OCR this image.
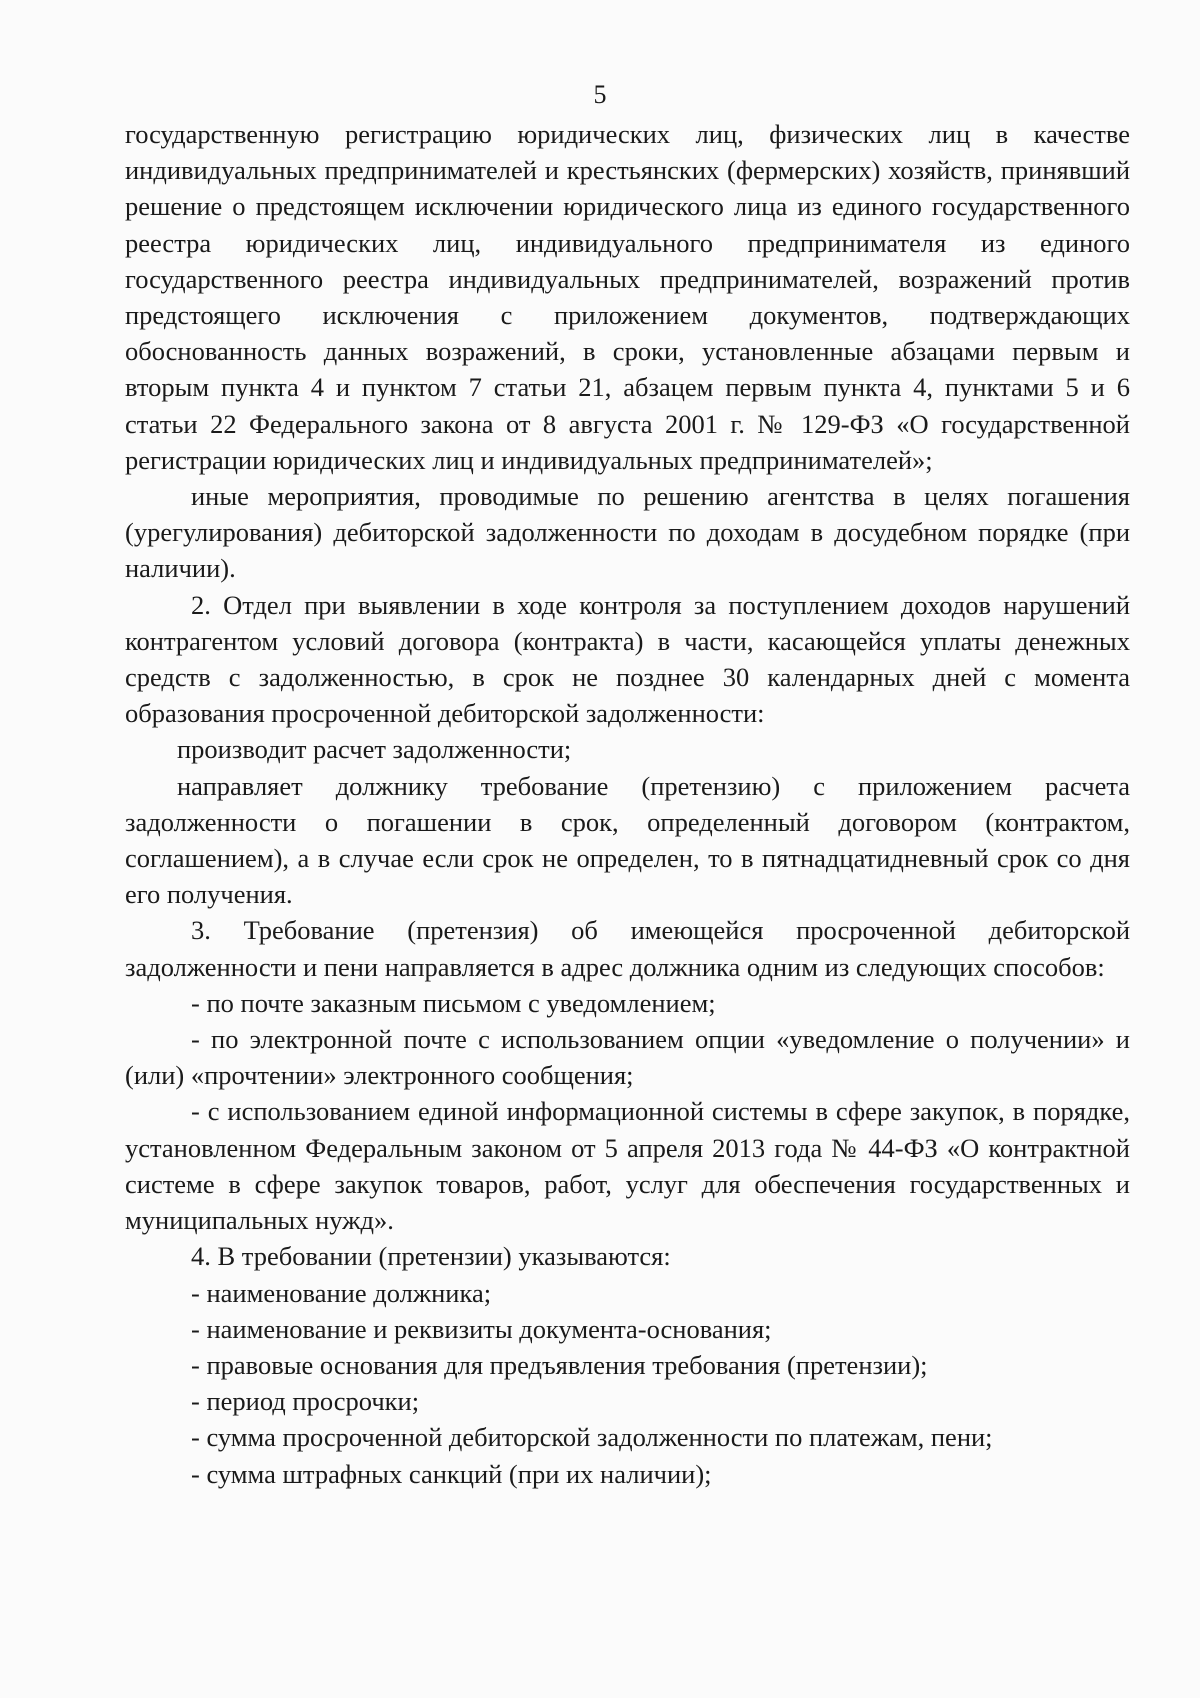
5

государственную регистрацию юридических лиц, физических лиц в качестве индивидуальных предпринимателей и крестьянских (фермерских) хозяйств, принявший решение о предстоящем исключении юридического лица из единого государственного реестра юридических лиц, индивидуального предпринимателя из единого государственного реестра индивидуальных предпринимателей, возражений против предстоящего исключения с приложением документов, подтверждающих обоснованность данных возражений, в сроки, установленные абзацами первым и вторым пункта 4 и пунктом 7 статьи 21, абзацем первым пункта 4, пунктами 5 и 6 статьи 22 Федерального закона от 8 августа 2001 г. № 129-ФЗ «О государственной регистрации юридических лиц и индивидуальных предпринимателей»;

иные мероприятия, проводимые по решению агентства в целях погашения (урегулирования) дебиторской задолженности по доходам в досудебном порядке (при наличии).

2. Отдел при выявлении в ходе контроля за поступлением доходов нарушений контрагентом условий договора (контракта) в части, касающейся уплаты денежных средств с задолженностью, в срок не позднее 30 календарных дней с момента образования просроченной дебиторской задолженности:

производит расчет задолженности;

направляет должнику требование (претензию) с приложением расчета задолженности о погашении в срок, определенный договором (контрактом, соглашением), а в случае если срок не определен, то в пятнадцатидневный срок со дня его получения.

3. Требование (претензия) об имеющейся просроченной дебиторской задолженности и пени направляется в адрес должника одним из следующих способов:

- по почте заказным письмом с уведомлением;

- по электронной почте с использованием опции «уведомление о получении» и (или) «прочтении» электронного сообщения;

- с использованием единой информационной системы в сфере закупок, в порядке, установленном Федеральным законом от 5 апреля 2013 года № 44-ФЗ «О контрактной системе в сфере закупок товаров, работ, услуг для обеспечения государственных и муниципальных нужд».

4. В требовании (претензии) указываются:

- наименование должника;

- наименование и реквизиты документа-основания;

- правовые основания для предъявления требования (претензии);

- период просрочки;

- сумма просроченной дебиторской задолженности по платежам, пени;

- сумма штрафных санкций (при их наличии);
